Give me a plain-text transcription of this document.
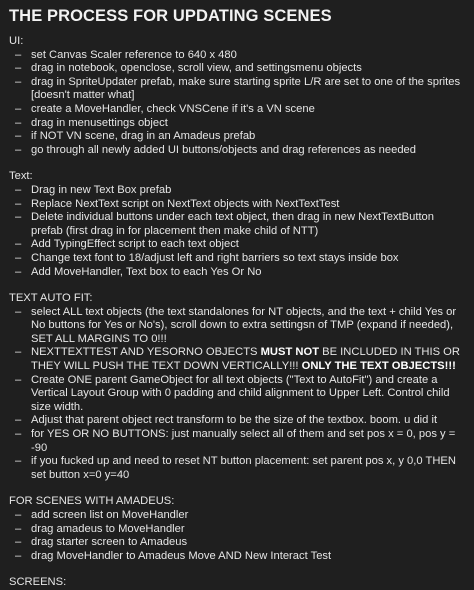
THE PROCESS FOR UPDATING SCENES
UI:
– set Canvas Scaler reference to 640 x 480
– drag in notebook, openclose, scroll view, and settingsmenu objects
– drag in SpriteUpdater prefab, make sure starting sprite L/R are set to one of the sprites [doesn't matter what]
– create a MoveHandler, check VNSCene if it's a VN scene
– drag in menusettings object
– if NOT VN scene, drag in an Amadeus prefab
– go through all newly added UI buttons/objects and drag references as needed
Text:
– Drag in new Text Box prefab
– Replace NextText script on NextText objects with NextTextTest
– Delete individual buttons under each text object, then drag in new NextTextButton prefab (first drag in for placement then make child of NTT)
– Add TypingEffect script to each text object
– Change text font to 18/adjust left and right barriers so text stays inside box
– Add MoveHandler, Text box to each Yes Or No
TEXT AUTO FIT:
– select ALL text objects (the text standalones for NT objects, and the text + child Yes or No buttons for Yes or No's), scroll down to extra settingsn of TMP (expand if needed), SET ALL MARGINS TO 0!!!
– NEXTTEXTTEST AND YESORNO OBJECTS MUST NOT BE INCLUDED IN THIS OR THEY WILL PUSH THE TEXT DOWN VERTICALLY!!! ONLY THE TEXT OBJECTS!!!
– Create ONE parent GameObject for all text objects ("Text to AutoFit") and create a Vertical Layout Group with 0 padding and child alignment to Upper Left. Control child size width.
– Adjust that parent object rect transform to be the size of the textbox. boom. u did it
– for YES OR NO BUTTONS: just manually select all of them and set pos x = 0, pos y = -90
– if you fucked up and need to reset NT button placement: set parent pos x, y 0,0 THEN set button x=0 y=40
FOR SCENES WITH AMADEUS:
– add screen list on MoveHandler
– drag amadeus to MoveHandler
– drag starter screen to Amadeus
– drag MoveHandler to Amadeus Move AND New Interact Test
SCREENS:
